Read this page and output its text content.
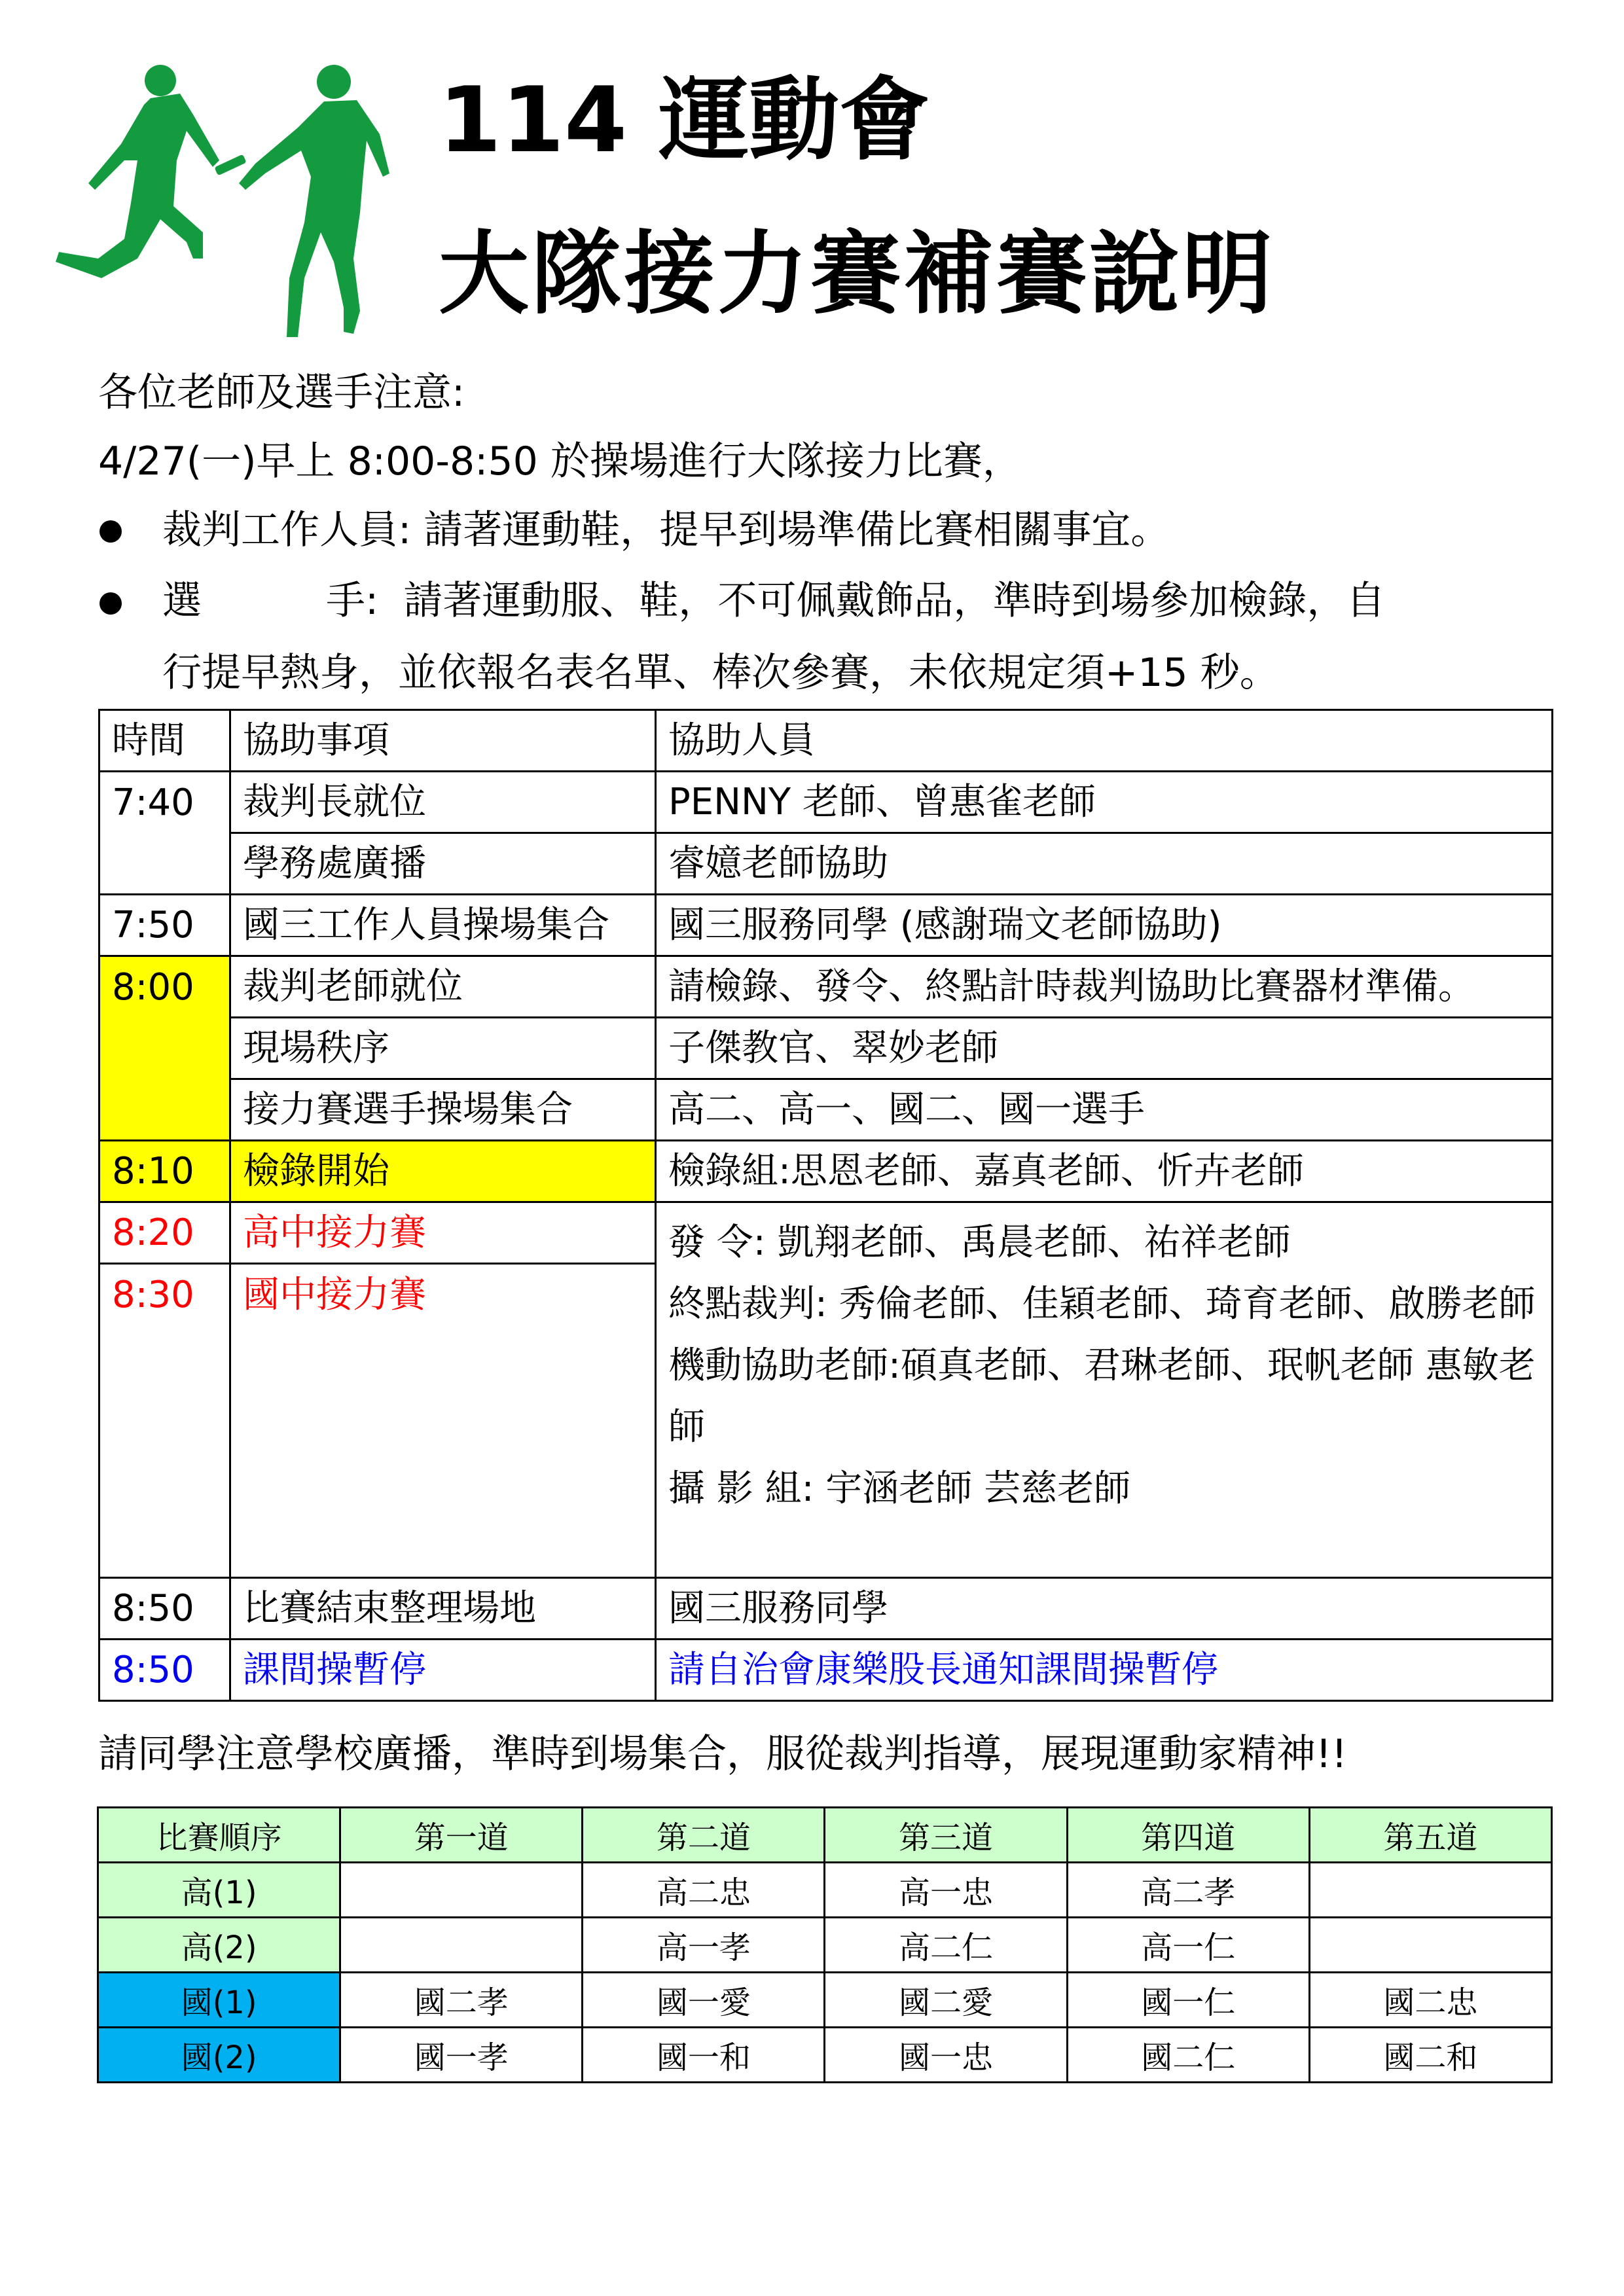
114 運動會
大隊接力賽補賽說明
各位老師及選手注意:
4/27(一)早上 8:00-8:50 於操場進行大隊接力比賽，
裁判工作人員: 請著運動鞋，提早到場準備比賽相關事宜。
選	手: 請著運動服、鞋，不可佩戴飾品，準時到場參加檢錄，自
行提早熱身，並依報名表名單、棒次參賽，未依規定須+15 秒。
時間	協助事項	協助人員
7:40	裁判長就位	PENNY 老師、曾惠雀老師
	學務處廣播	睿嬑老師協助
7:50	國三工作人員操場集合	國三服務同學 (感謝瑞文老師協助)
8:00	裁判老師就位	請檢錄、發令、終點計時裁判協助比賽器材準備。
	現場秩序	子傑教官、翠妙老師
	接力賽選手操場集合	高二、高一、國二、國一選手
8:10	檢錄開始	檢錄組:思恩老師、嘉真老師、忻卉老師
8:20	高中接力賽	發 令: 凱翔老師、禹晨老師、祐祥老師
終點裁判: 秀倫老師、佳穎老師、琦育老師、啟勝老師
機動協助老師:碩真老師、君琳老師、珉帆老師 惠敏老師
攝 影 組: 宇涵老師 芸慈老師

8:30	國中接力賽	
8:50	比賽結束整理場地	國三服務同學
8:50	課間操暫停	請自治會康樂股長通知課間操暫停
請同學注意學校廣播，準時到場集合，服從裁判指導，展現運動家精神!!
比賽順序	第一道	第二道	第三道	第四道	第五道
高(1)		高二忠	高一忠	高二孝	
高(2)		高一孝	高二仁	高一仁	
國(1)	國二孝	國一愛	國二愛	國一仁	國二忠
國(2)	國一孝	國一和	國一忠	國二仁	國二和
